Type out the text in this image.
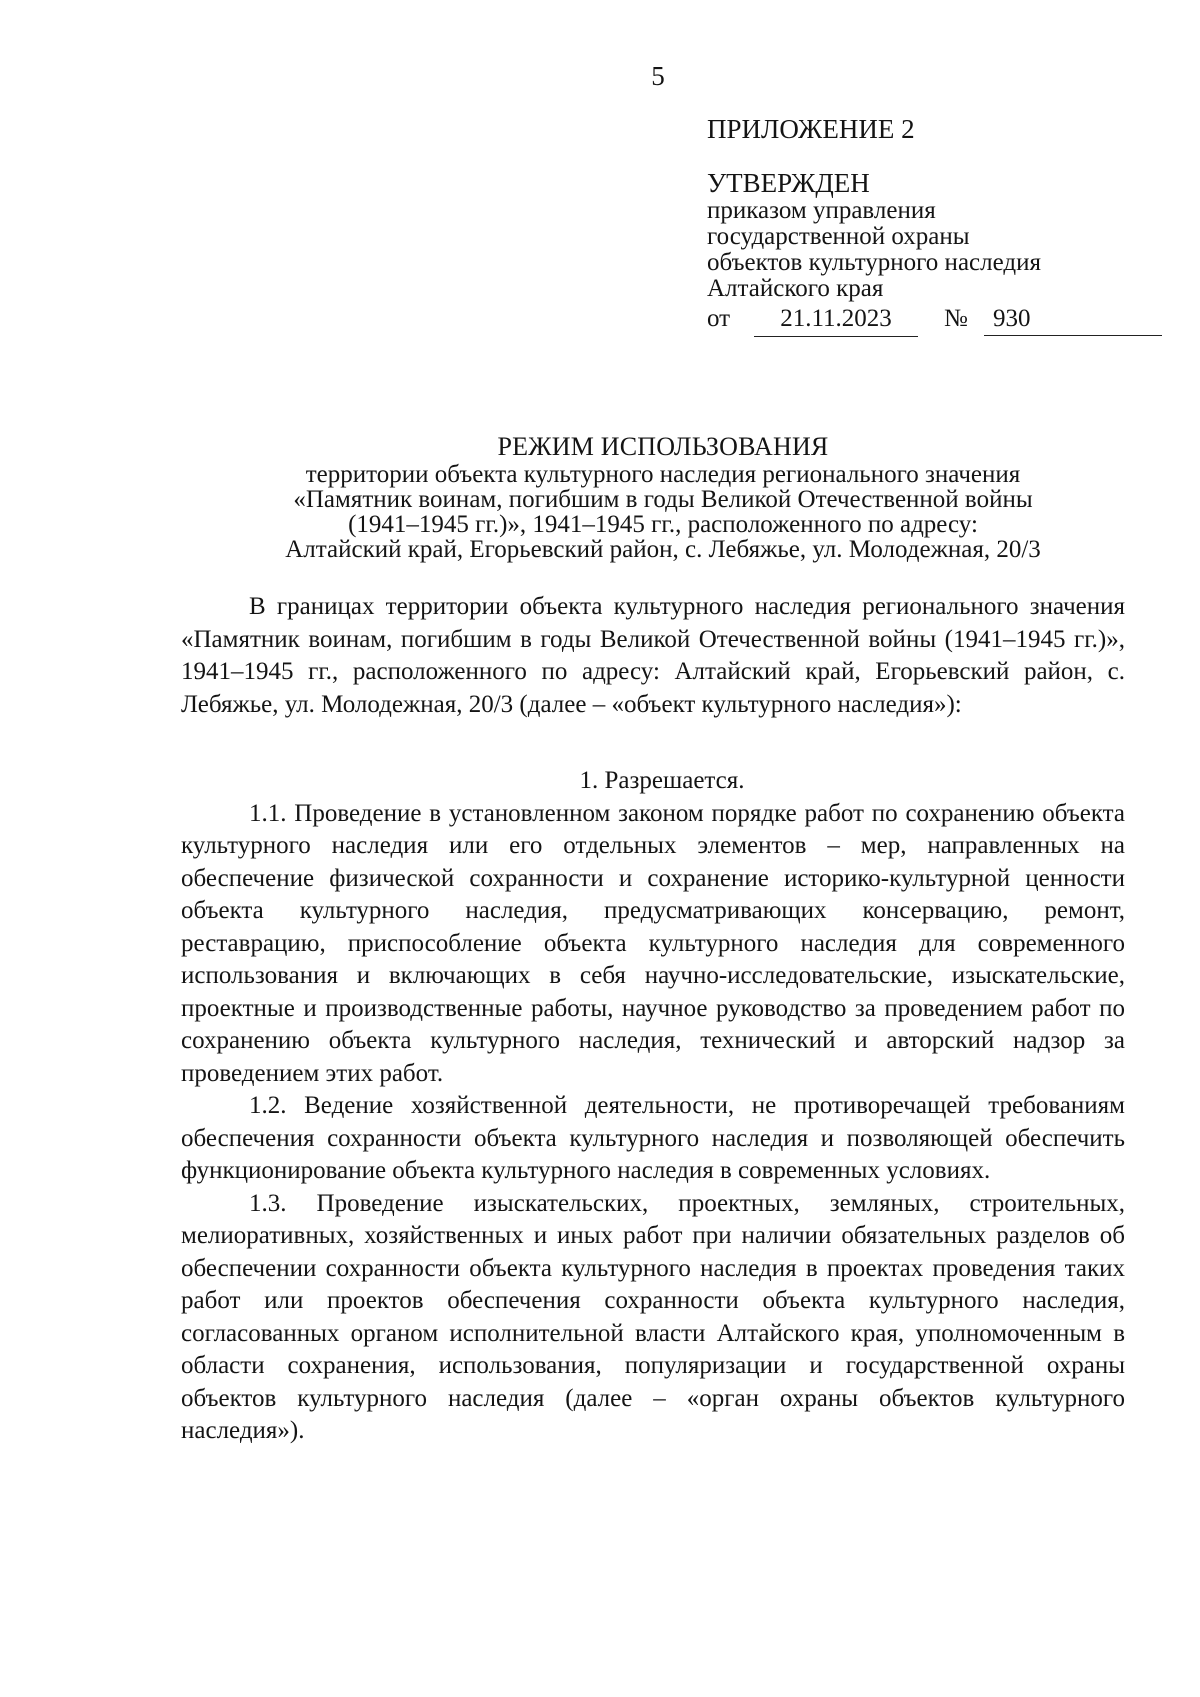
5

ПРИЛОЖЕНИЕ 2

УТВЕРЖДЕН

приказом управления

государственной охраны

объектов культурного наследия

Алтайского края

от	21.11.2023	№	930

РЕЖИМ ИСПОЛЬЗОВАНИЯ

территории объекта культурного наследия регионального значения

«Памятник воинам, погибшим в годы Великой Отечественной войны

(1941–1945 гг.)», 1941–1945 гг., расположенного по адресу:

Алтайский край, Егорьевский район, с. Лебяжье, ул. Молодежная, 20/3

В границах территории объекта культурного наследия регионального значения «Памятник воинам, погибшим в годы Великой Отечественной войны (1941–1945 гг.)», 1941–1945 гг., расположенного по адресу: Алтайский край, Егорьевский район, с. Лебяжье, ул. Молодежная, 20/3 (далее – «объект культурного наследия»):

1. Разрешается.

1.1. Проведение в установленном законом порядке работ по сохранению объекта культурного наследия или его отдельных элементов – мер, направленных на обеспечение физической сохранности и сохранение историко-культурной ценности объекта культурного наследия, предусматривающих консервацию, ремонт, реставрацию, приспособление объекта культурного наследия для современного использования и включающих в себя научно-исследовательские, изыскательские, проектные и производственные работы, научное руководство за проведением работ по сохранению объекта культурного наследия, технический и авторский надзор за проведением этих работ.

1.2. Ведение хозяйственной деятельности, не противоречащей требованиям обеспечения сохранности объекта культурного наследия и позволяющей обеспечить функционирование объекта культурного наследия в современных условиях.

1.3. Проведение изыскательских, проектных, земляных, строительных, мелиоративных, хозяйственных и иных работ при наличии обязательных разделов об обеспечении сохранности объекта культурного наследия в проектах проведения таких работ или проектов обеспечения сохранности объекта культурного наследия, согласованных органом исполнительной власти Алтайского края, уполномоченным в области сохранения, использования, популяризации и государственной охраны объектов культурного наследия (далее – «орган охраны объектов культурного наследия»).
